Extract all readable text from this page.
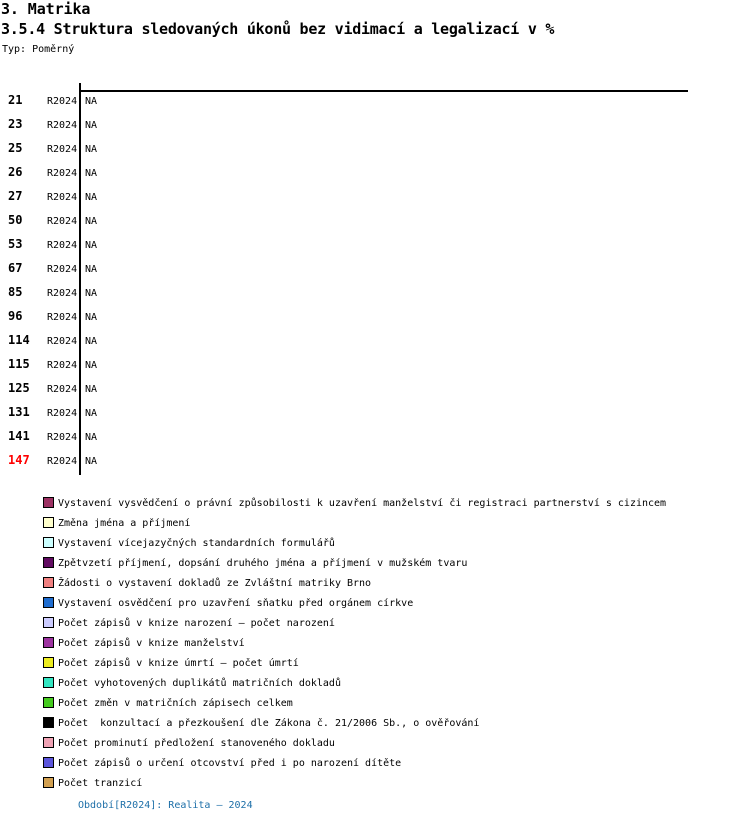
3. Matrika
3.5.4 Struktura sledovaných úkonů bez vidimací a legalizací v %
Typ: Poměrný
21 R2024 NA
23 R2024 NA
25 R2024 NA
26 R2024 NA
27 R2024 NA
50 R2024 NA
53 R2024 NA
67 R2024 NA
85 R2024 NA
96 R2024 NA
114 R2024 NA
115 R2024 NA
125 R2024 NA
131 R2024 NA
141 R2024 NA
147 R2024 NA
Vystavení vysvědčení o právní způsobilosti k uzavření manželství či registraci partnerství s cizincem
Změna jména a příjmení
Vystavení vícejazyčných standardních formulářů
Zpětvzetí příjmení, dopsání druhého jména a příjmení v mužském tvaru
Žádosti o vystavení dokladů ze Zvláštní matriky Brno
Vystavení osvědčení pro uzavření sňatku před orgánem církve
Počet zápisů v knize narození – počet narození
Počet zápisů v knize manželství
Počet zápisů v knize úmrtí – počet úmrtí
Počet vyhotovených duplikátů matričních dokladů
Počet změn v matričních zápisech celkem
Počet  konzultací a přezkoušení dle Zákona č. 21/2006 Sb., o ověřování
Počet prominutí předložení stanoveného dokladu
Počet zápisů o určení otcovství před i po narození dítěte
Počet tranzicí
Období[R2024]: Realita – 2024
